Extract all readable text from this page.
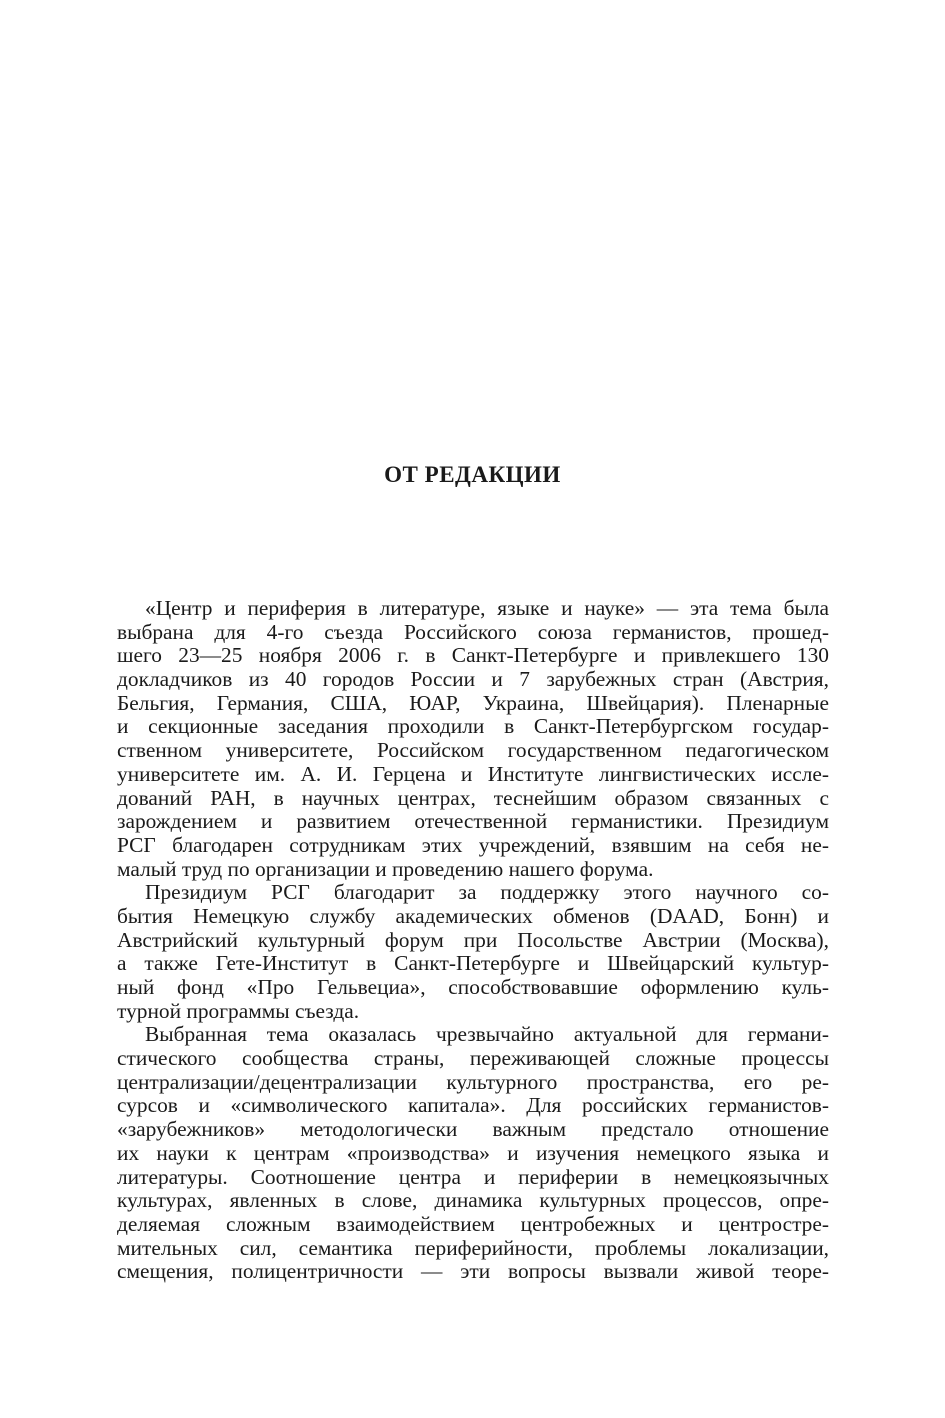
ОТ РЕДАКЦИИ
«Центр и периферия в литературе, языке и науке» — эта тема была
выбрана для 4-го съезда Российского союза германистов, прошед-
шего 23—25 ноября 2006 г. в Санкт-Петербурге и привлекшего 130
докладчиков из 40 городов России и 7 зарубежных стран (Австрия,
Бельгия, Германия, США, ЮАР, Украина, Швейцария). Пленарные
и секционные заседания проходили в Санкт-Петербургском государ-
ственном университете, Российском государственном педагогическом
университете им. А. И. Герцена и Институте лингвистических иссле-
дований РАН, в научных центрах, теснейшим образом связанных с
зарождением и развитием отечественной германистики. Президиум
РСГ благодарен сотрудникам этих учреждений, взявшим на себя не-
малый труд по организации и проведению нашего форума.
Президиум РСГ благодарит за поддержку этого научного со-
бытия Немецкую службу академических обменов (DAAD, Бонн) и
Австрийский культурный форум при Посольстве Австрии (Москва),
а также Гете-Институт в Санкт-Петербурге и Швейцарский культур-
ный фонд «Про Гельвециа», способствовавшие оформлению куль-
турной программы съезда.
Выбранная тема оказалась чрезвычайно актуальной для германи-
стического сообщества страны, переживающей сложные процессы
централизации/децентрализации культурного пространства, его ре-
сурсов и «символического капитала». Для российских германистов-
«зарубежников» методологически важным предстало отношение
их науки к центрам «производства» и изучения немецкого языка и
литературы. Соотношение центра и периферии в немецкоязычных
культурах, явленных в слове, динамика культурных процессов, опре-
деляемая сложным взаимодействием центробежных и центростре-
мительных сил, семантика периферийности, проблемы локализации,
смещения, полицентричности — эти вопросы вызвали живой теоре-
